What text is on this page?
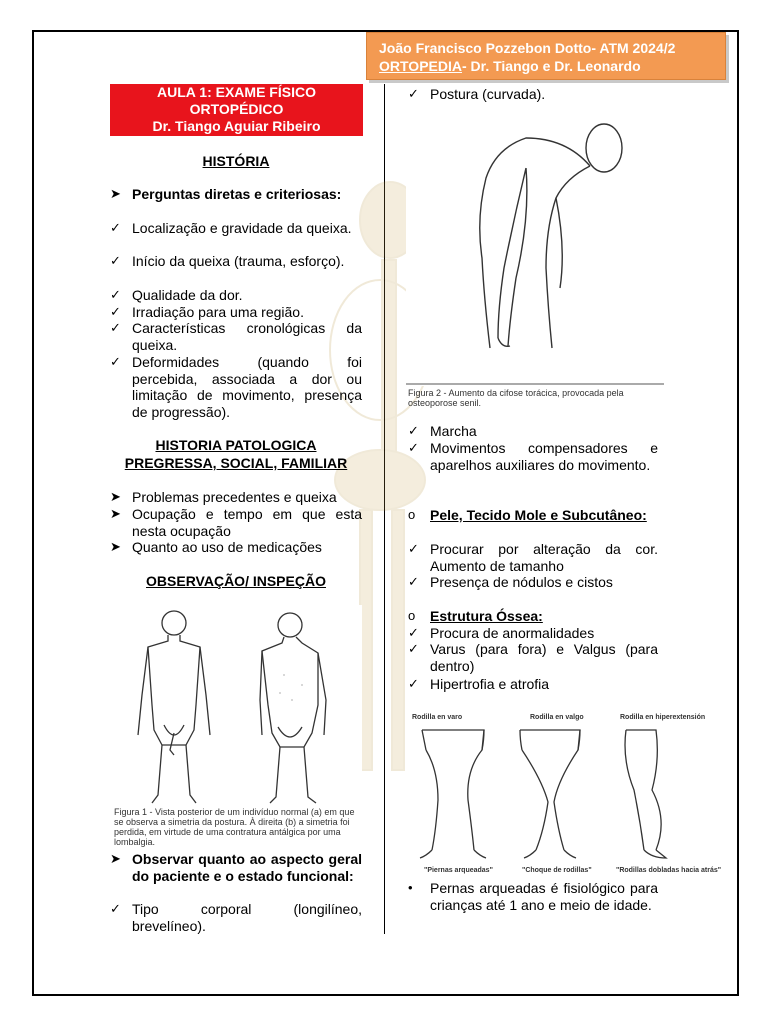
João Francisco Pozzebon Dotto- ATM 2024/2
ORTOPEDIA- Dr. Tiango e Dr. Leonardo
AULA 1: EXAME FÍSICO
ORTOPÉDICO
Dr. Tiango Aguiar Ribeiro
HISTÓRIA
HISTORIA PATOLOGICA
PREGRESSA, SOCIAL, FAMILIAR
OBSERVAÇÃO/ INSPEÇÃO
Figura 1 - Vista posterior de um indivíduo normal (a) em que se observa a simetria da postura. À direita (b) a simetria foi perdida, em virtude de uma contratura antálgica por uma lombalgia.
Figura 2 - Aumento da cifose torácica, provocada pela osteoporose senil.
➤ Perguntas diretas e criteriosas:
✓ Localização e gravidade da queixa.
✓ Início da queixa (trauma, esforço).
✓ Qualidade da dor.
✓ Irradiação para uma região.
✓ Características cronológicas da queixa.
✓ Deformidades (quando foi percebida, associada a dor ou limitação de movimento, presença de progressão).
➤ Problemas precedentes e queixa
➤ Ocupação e tempo em que esta nesta ocupação
➤ Quanto ao uso de medicações
➤ Observar quanto ao aspecto geral do paciente e o estado funcional:
✓ Tipo corporal (longilíneo, brevelíneo).
✓ Postura (curvada).
✓ Marcha
✓ Movimentos compensadores e aparelhos auxiliares do movimento.
o	Pele, Tecido Mole e Subcutâneo:
✓ Procurar por alteração da cor. Aumento de tamanho
✓ Presença de nódulos e cistos
o	Estrutura Óssea:
✓ Procura de anormalidades
✓ Varus (para fora) e Valgus (para dentro)
✓ Hipertrofia e atrofia
Rodilla en varo	Rodilla en valgo	Rodilla en hiperextensión
"Piernas arqueadas"	"Choque de rodillas"	"Rodillas dobladas hacia atrás"
•	Pernas arqueadas é fisiológico para crianças até 1 ano e meio de idade.
